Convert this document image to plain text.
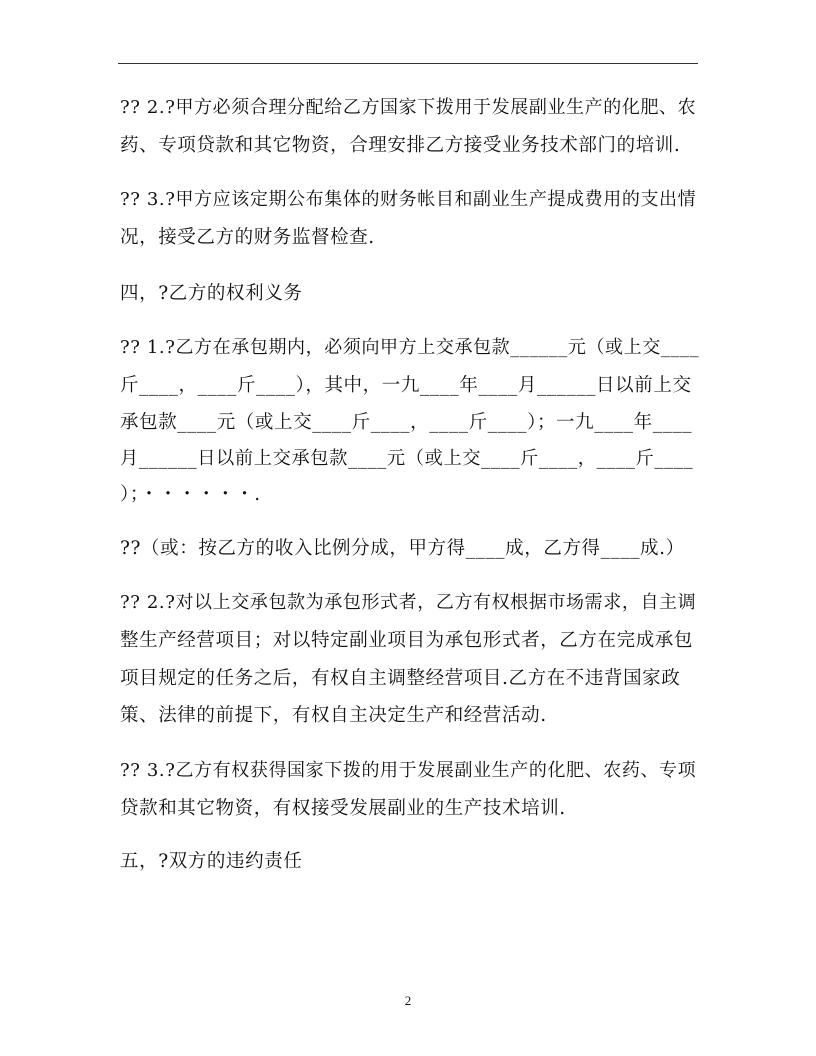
?? 2.?甲方必须合理分配给乙方国家下拨用于发展副业生产的化肥、农
药、专项贷款和其它物资，合理安排乙方接受业务技术部门的培训.
?? 3.?甲方应该定期公布集体的财务帐目和副业生产提成费用的支出情
况，接受乙方的财务监督检查.
四，?乙方的权利义务
?? 1.?乙方在承包期内，必须向甲方上交承包款______元（或上交____
斤____，____斤____），其中，一九____年____月______日以前上交
承包款____元（或上交____斤____，____斤____）；一九____年____
月______日以前上交承包款____元（或上交____斤____，____斤____
）；・・・・・・.
??（或：按乙方的收入比例分成，甲方得____成，乙方得____成.）
?? 2.?对以上交承包款为承包形式者，乙方有权根据市场需求，自主调
整生产经营项目；对以特定副业项目为承包形式者，乙方在完成承包
项目规定的任务之后，有权自主调整经营项目.乙方在不违背国家政
策、法律的前提下，有权自主决定生产和经营活动.
?? 3.?乙方有权获得国家下拨的用于发展副业生产的化肥、农药、专项
贷款和其它物资，有权接受发展副业的生产技术培训.
五，?双方的违约责任
2
